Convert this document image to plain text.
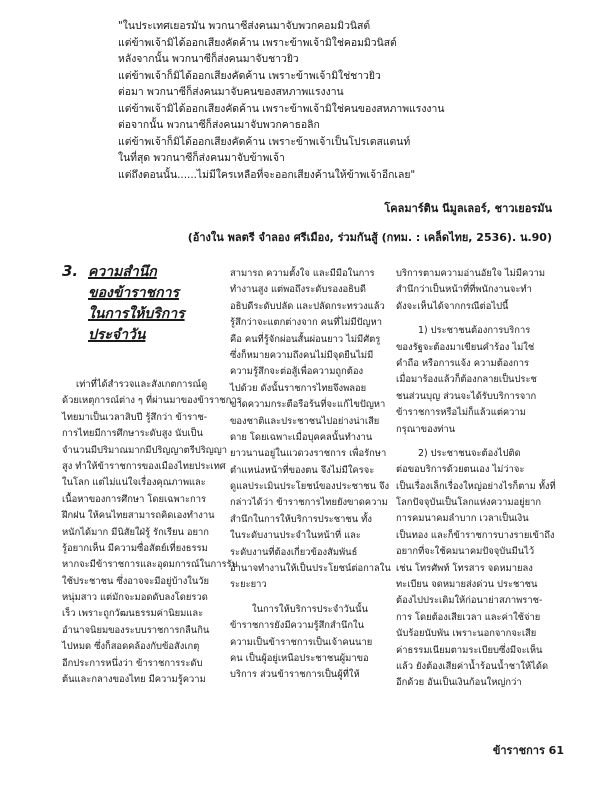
"ในประเทศเยอรมัน พวกนาซีส่งคนมาจับพวกคอมมิวนิสต์
แต่ข้าพเจ้ามิได้ออกเสียงคัดค้าน เพราะข้าพเจ้ามิใช่คอมมิวนิสต์
หลังจากนั้น พวกนาซีก็ส่งคนมาจับชาวยิว
แต่ข้าพเจ้าก็มิได้ออกเสียงคัดค้าน เพราะข้าพเจ้ามิใช่ชาวยิว
ต่อมา พวกนาซีก็ส่งคนมาจับคนของสหภาพแรงงาน
แต่ข้าพเจ้ามิได้ออกเสียงคัดค้าน เพราะข้าพเจ้ามิใช่คนของสหภาพแรงงาน
ต่อจากนั้น พวกนาซีก็ส่งคนมาจับพวกคาธอลิก
แต่ข้าพเจ้าก็มิได้ออกเสียงคัดค้าน เพราะข้าพเจ้าเป็นโปรเตสแตนท์
ในที่สุด พวกนาซีก็ส่งคนมาจับข้าพเจ้า
แต่ถึงตอนนั้น......ไม่มีใครเหลือที่จะออกเสียงค้านให้ข้าพเจ้าอีกเลย"
โคลมาร์ติน นีมูลเลอร์, ชาวเยอรมัน
(อ้างใน พลตรี จำลอง ศรีเมือง, ร่วมกันสู้ (กทม. : เคล็ดไทย, 2536). น.90)
3. ความสำนึก
ของข้าราชการ
ในการให้บริการ
ประจำวัน
เท่าที่ได้สำรวจและสังเกตการณ์ดู
ด้วยเหตุการณ์ต่าง ๆ ที่ผ่านมาของข้าราชการ
ไทยมาเป็นเวลาสิบปี รู้สึกว่า ข้าราช-
การไทยมีการศึกษาระดับสูง นับเป็น
จำนวนมีปริมาณมากมีปริญญาตรีปริญญา
สูง ทำให้ข้าราชการของเมืองไทยประเทศ
ในโลก แต่ไม่แน่ใจเรื่องคุณภาพและ
เนื้อหาของการศึกษา โดยเฉพาะการ
ฝึกฝน ให้คนไทยสามารถคิดเองทำงาน
หนักได้มาก มีนิสัยใฝ่รู้ รักเรียน อยาก
รู้อยากเห็น มีความซื่อสัตย์เที่ยงธรรม
หากจะมีข้าราชการและอุดมการณ์ในการรับ
ใช้ประชาชน ซึ่งอาจจะมีอยู่บ้างในวัย
หนุ่มสาว แต่มักจะมอดดับลงโดยรวด
เร็ว เพราะถูกวัฒนธรรมค่านิยมและ
อำนาจนิยมของระบบราชการกลืนกิน
ไปหมด ซึ่งก็สอดคล้องกับข้อสังเกตุ
อีกประการหนึ่งว่า ข้าราชการระดับ
ต้นและกลางของไทย มีความรู้ความ
สามารถ ความตั้งใจ และมีมีอในการ
ทำงานสูง แต่พอถึงระดับรองอธิบดี
อธิบดีระดับปลัด และปลัดกระทรวงแล้ว
รู้สึกว่าจะแตกต่างจาก คนที่ไม่มีปัญหา
คือ คนที่รู้จักผ่อนสั้นผ่อนยาว ไม่มีศัตรู
ซึ่งก็หมายความถึงคนไม่มีจุดยืนไม่มี
ความรู้สึกจะต่อสู้เพื่อความถูกต้อง
ไปด้วย ดังนั้นราชการไทยจึงพลอย
ขาดความกระตือรือร้นที่จะแก้ไขปัญหา
ของชาติและประชาชนไปอย่างน่าเสีย
ดาย โดยเฉพาะเมื่อบุคคลนั้นทำงาน
ยาวนานอยู่ในแวดวงราชการ เพื่อรักษา
ตำแหน่งหน้าที่ของตน จึงไม่มีใครจะ
ดูแลประเมินประโยชน์ของประชาชน จึง
กล่าวได้ว่า ข้าราชการไทยยังขาดความ
สำนึกในการให้บริการประชาชน ทั้ง
ในระดับงานประจำในหน้าที่ และ
ระดับงานที่ต้องเกี่ยวข้องสัมพันธ์
อำนาจทำงานให้เป็นประโยชน์ต่อกาลใน
ระยะยาว
ในการให้บริการประจำวันนั้น
ข้าราชการยังมีความรู้สึกสำนึกใน
ความเป็นข้าราชการเป็นเจ้าคนนาย
คน เป็นผู้อยู่เหนือประชาชนผู้มาขอ
บริการ ส่วนข้าราชการเป็นผู้ที่ให้
บริการตามความอ่านอัยใจ ไม่มีความ
สำนึกว่าเป็นหน้าที่ที่พนักงานจะทำ
ดังจะเห็นได้จากกรณีต่อไปนี้
1) ประชาชนต้องการบริการ
ของรัฐจะต้องมาเขียนคำร้อง ไม่ใช่
คำถือ หรือการแจ้ง ความต้องการ
เมื่อมาร้องแล้วก็ต้องกลายเป็นประช
ชนส่วนบุญ ส่วนจะได้รับบริการจาก
ข้าราชการหรือไม่ก็แล้วแต่ความ
กรุณาของท่าน
2) ประชาชนจะต้องไปติด
ต่อขอบริการด้วยตนเอง ไม่ว่าจะ
เป็นเรื่องเล็กเรื่องใหญ่อย่างไรก็ตาม ทั้งที่
โลกปัจจุบันเป็นโลกแห่งความอยู่ยาก
การคมนาคมลำบาก เวลาเป็นเงิน
เป็นทอง และก็ข้าราชการบางรายเข้าถึง
อยากที่จะใช้คมนาคมปัจจุบันมีนไว้
เช่น โทรศัพท์ โทรสาร จดหมายลง
ทะเบียน จดหมายส่งด่วน ประชาชน
ต้องไปประเดิมให้ก่อนาย่าสภาพราช-
การ โดยต้องเสียเวลา และค่าใช้จ่าย
นับร้อยนับพัน เพราะนอกจากจะเสีย
ค่าธรรมเนียมตามระเบียบซึ่งมีจะเห็น
แล้ว ยังต้องเสียค่าน้ำร้อนน้ำชาให้ได้ด
อีกด้วย อันเป็นเงินก้อนใหญ่กว่า
ข้าราชการ 61
